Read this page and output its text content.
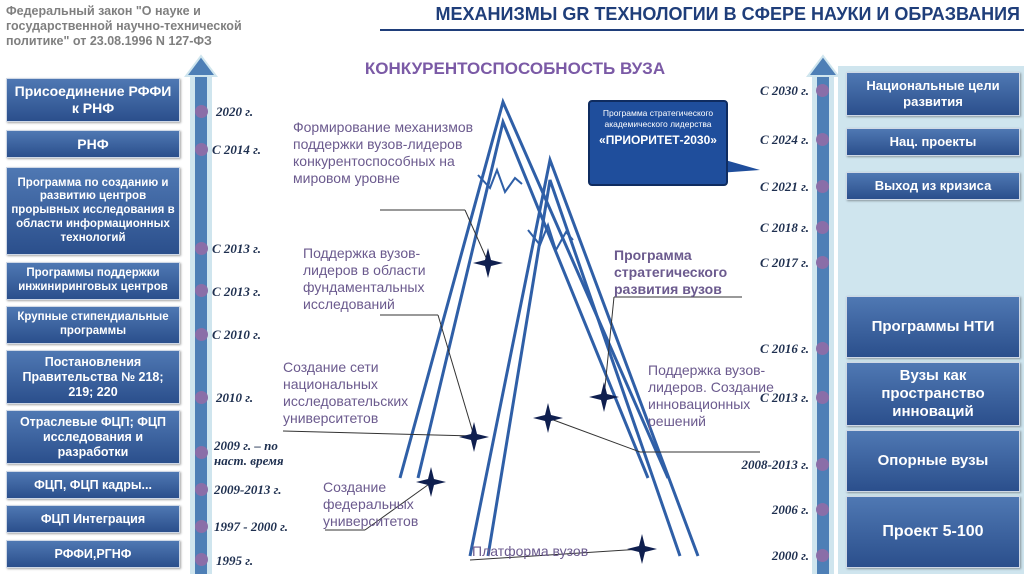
Федеральный закон "О науке и государственной научно-технической политике" от 23.08.1996 N 127-ФЗ
МЕХАНИЗМЫ GR ТЕХНОЛОГИИ В СФЕРЕ НАУКИ И ОБРАЗВАНИЯ
КОНКУРЕНТОСПОСОБНОСТЬ ВУЗА
Программа стратегического академического лидерства
«ПРИОРИТЕТ-2030»
Присоединение РФФИ к РНФ
РНФ
Программа по созданию и развитию центров прорывных исследования в области информационных технологий
Программы поддержки инжиниринговых центров
Крупные стипендиальные программы
Постановления Правительства № 218; 219; 220
Отраслевые ФЦП; ФЦП исследования и разработки
ФЦП, ФЦП кадры...
ФЦП Интеграция
РФФИ,РГНФ
2020 г.
С 2014 г.
С 2013 г.
С 2013 г.
С 2010 г.
2010 г.
2009 г. – по наст. время
2009-2013 г.
1997 - 2000 г.
1995 г.
С 2030 г.
С 2024 г.
С 2021 г.
С 2018 г.
С 2017 г.
С 2016 г.
С 2013 г.
2008-2013 г.
2006 г.
2000 г.
Национальные цели развития
Нац. проекты
Выход из кризиса
Программы НТИ
Вузы как пространство инноваций
Опорные вузы
Проект 5-100
Формирование механизмов поддержки вузов-лидеров конкурентоспособных на мировом уровне
Поддержка вузов-лидеров в области фундаментальных исследований
Создание сети национальных исследовательских университетов
Создание федеральных университетов
Программа стратегического развития вузов
Поддержка вузов-лидеров. Создание инновационных решений
Платформа вузов
